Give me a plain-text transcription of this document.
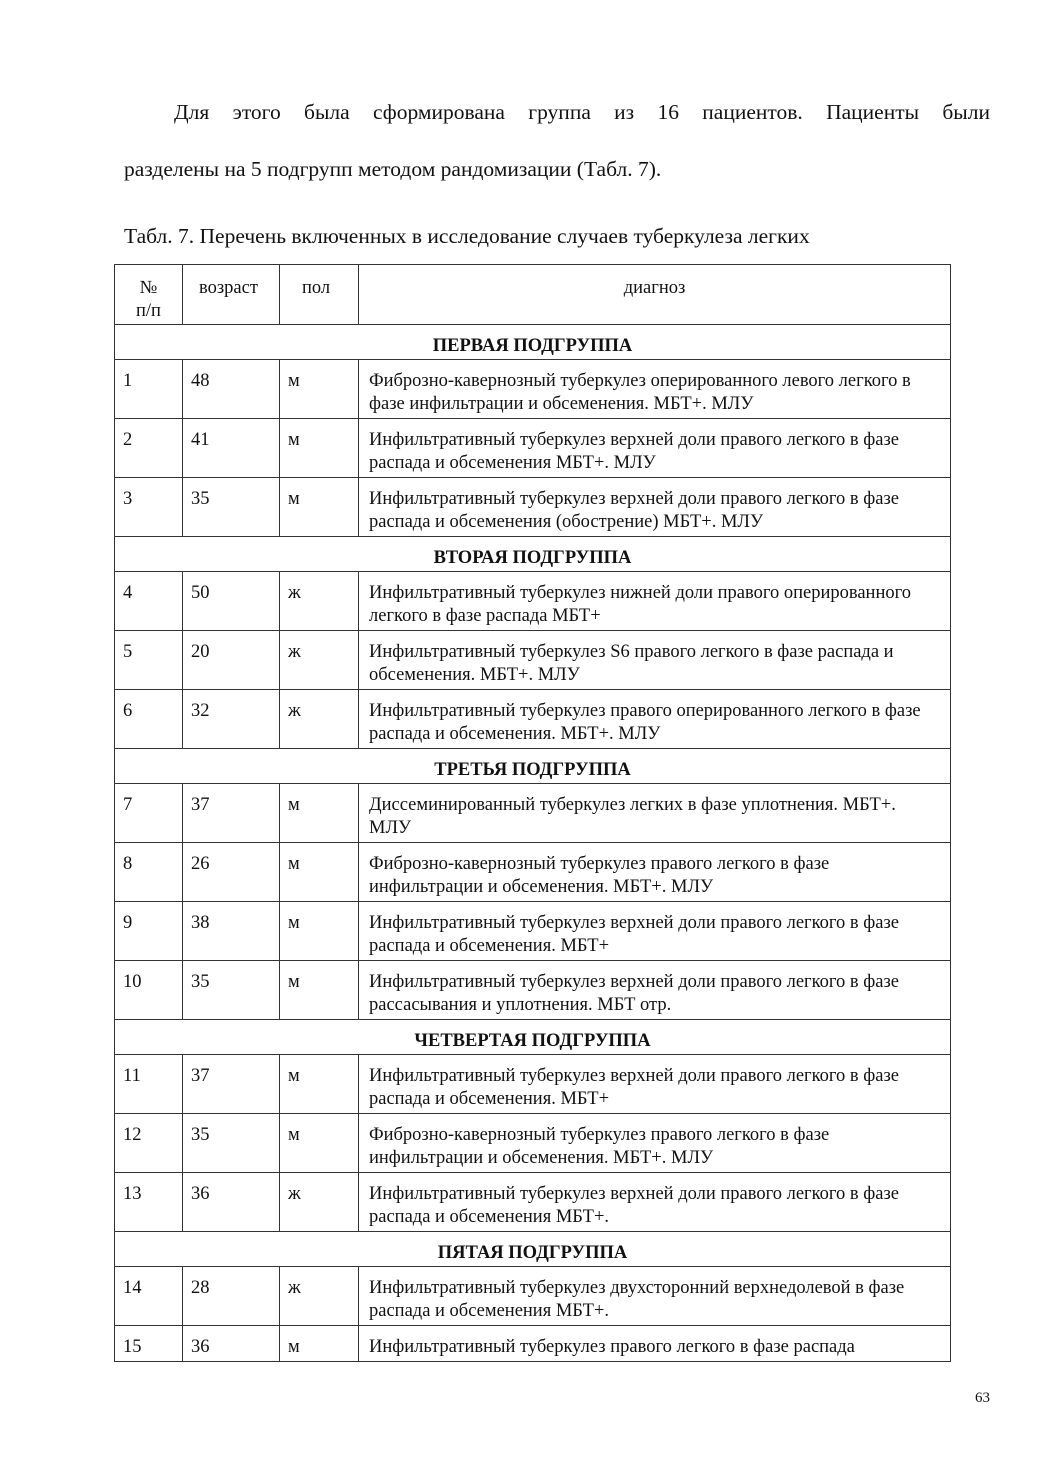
Для этого была сформирована группа из 16 пациентов. Пациенты были

разделены на 5 подгрупп методом рандомизации (Табл. 7).

Табл. 7. Перечень включенных в исследование случаев туберкулеза легких

№
п/п	возраст	пол	диагноз
ПЕРВАЯ ПОДГРУППА			
1	48	м	Фиброзно-кавернозный туберкулез оперированного левого легкого в фазе инфильтрации и обсеменения. МБТ+. МЛУ
2	41	м	Инфильтративный туберкулез верхней доли правого легкого в фазе распада и обсеменения МБТ+. МЛУ
3	35	м	Инфильтративный туберкулез верхней доли правого легкого в фазе распада и обсеменения (обострение) МБТ+. МЛУ
ВТОРАЯ ПОДГРУППА			
4	50	ж	Инфильтративный туберкулез нижней доли правого оперированного легкого в фазе распада МБТ+
5	20	ж	Инфильтративный туберкулез S6 правого легкого в фазе распада и обсеменения. МБТ+. МЛУ
6	32	ж	Инфильтративный туберкулез правого оперированного легкого в фазе распада и обсеменения. МБТ+. МЛУ
ТРЕТЬЯ ПОДГРУППА			
7	37	м	Диссеминированный туберкулез легких в фазе уплотнения. МБТ+. МЛУ
8	26	м	Фиброзно-кавернозный туберкулез правого легкого в фазе инфильтрации и обсеменения. МБТ+. МЛУ
9	38	м	Инфильтративный туберкулез верхней доли правого легкого в фазе распада и обсеменения. МБТ+
10	35	м	Инфильтративный туберкулез верхней доли правого легкого в фазе рассасывания и уплотнения. МБТ отр.
ЧЕТВЕРТАЯ ПОДГРУППА			
11	37	м	Инфильтративный туберкулез верхней доли правого легкого в фазе распада и обсеменения. МБТ+
12	35	м	Фиброзно-кавернозный туберкулез правого легкого в фазе инфильтрации и обсеменения. МБТ+. МЛУ
13	36	ж	Инфильтративный туберкулез верхней доли правого легкого в фазе распада и обсеменения МБТ+.
ПЯТАЯ ПОДГРУППА			
14	28	ж	Инфильтративный туберкулез двухсторонний верхнедолевой в фазе распада и обсеменения МБТ+.
15	36	м	Инфильтративный туберкулез правого легкого в фазе распада
63
